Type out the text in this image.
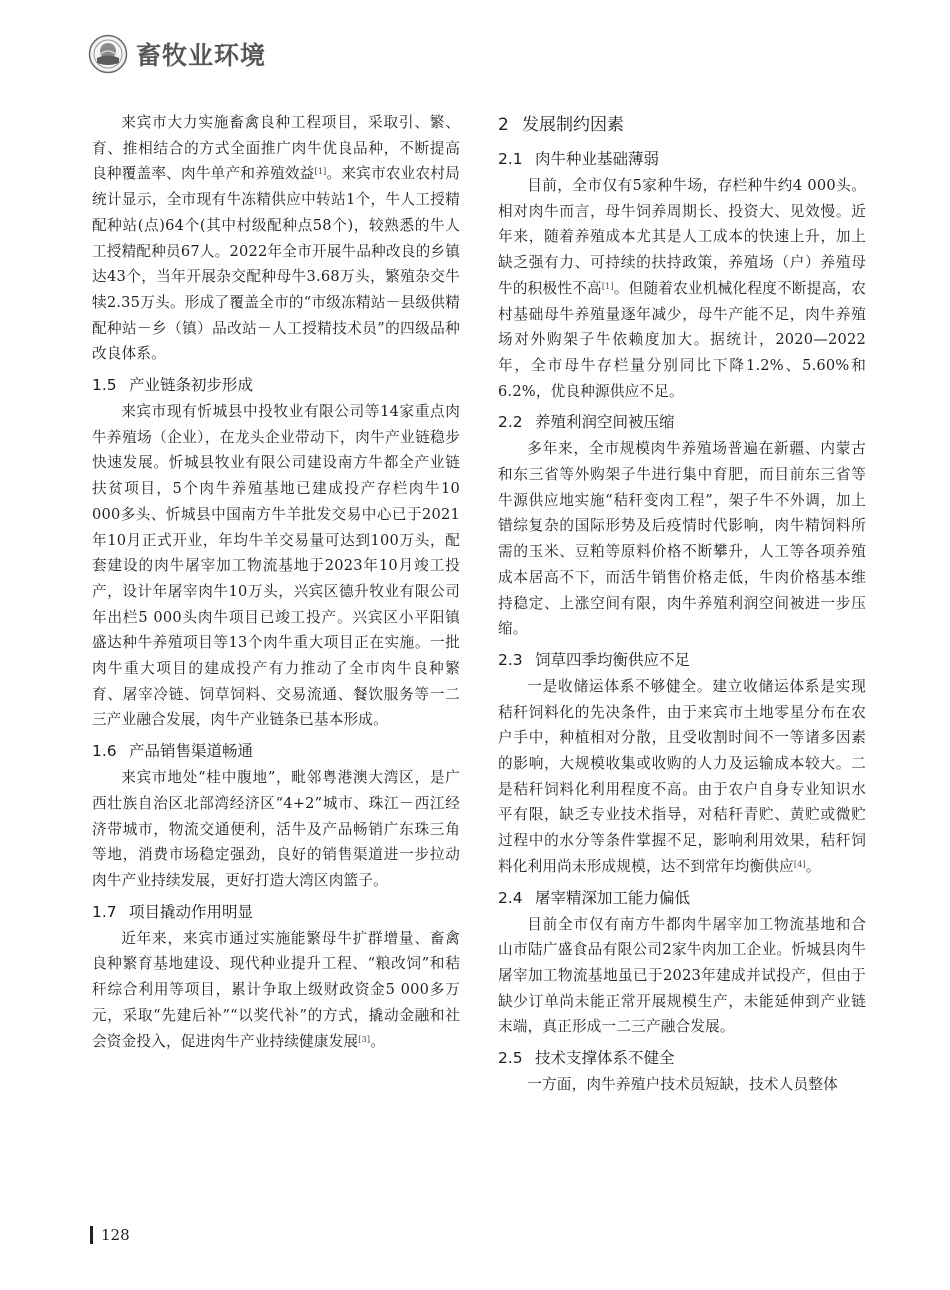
畜牧业环境

来宾市大力实施畜禽良种工程项目，采取引、繁、育、推相结合的方式全面推广肉牛优良品种，不断提高良种覆盖率、肉牛单产和养殖效益[1]。来宾市农业农村局统计显示，全市现有牛冻精供应中转站1个，牛人工授精配种站(点)64个(其中村级配种点58个)，较熟悉的牛人工授精配种员67人。2022年全市开展牛品种改良的乡镇达43个，当年开展杂交配种母牛3.68万头，繁殖杂交牛犊2.35万头。形成了覆盖全市的“市级冻精站－县级供精配种站－乡（镇）品改站－人工授精技术员”的四级品种改良体系。

1.5 产业链条初步形成

来宾市现有忻城县中投牧业有限公司等14家重点肉牛养殖场（企业），在龙头企业带动下，肉牛产业链稳步快速发展。忻城县牧业有限公司建设南方牛都全产业链扶贫项目，5个肉牛养殖基地已建成投产存栏肉牛10 000多头、忻城县中国南方牛羊批发交易中心已于2021年10月正式开业，年均牛羊交易量可达到100万头，配套建设的肉牛屠宰加工物流基地于2023年10月竣工投产，设计年屠宰肉牛10万头，兴宾区德升牧业有限公司年出栏5 000头肉牛项目已竣工投产。兴宾区小平阳镇盛达种牛养殖项目等13个肉牛重大项目正在实施。一批肉牛重大项目的建成投产有力推动了全市肉牛良种繁育、屠宰冷链、饲草饲料、交易流通、餐饮服务等一二三产业融合发展，肉牛产业链条已基本形成。

1.6 产品销售渠道畅通

来宾市地处“桂中腹地”，毗邻粤港澳大湾区，是广西壮族自治区北部湾经济区“4+2”城市、珠江－西江经济带城市，物流交通便利，活牛及产品畅销广东珠三角等地，消费市场稳定强劲，良好的销售渠道进一步拉动肉牛产业持续发展，更好打造大湾区肉篮子。

1.7 项目撬动作用明显

近年来，来宾市通过实施能繁母牛扩群增量、畜禽良种繁育基地建设、现代种业提升工程、“粮改饲”和秸秆综合利用等项目，累计争取上级财政资金5 000多万元，采取“先建后补”“以奖代补”的方式，撬动金融和社会资金投入，促进肉牛产业持续健康发展[3]。

2 发展制约因素
2.1 肉牛种业基础薄弱

目前，全市仅有5家种牛场，存栏种牛约4 000头。相对肉牛而言，母牛饲养周期长、投资大、见效慢。近年来，随着养殖成本尤其是人工成本的快速上升，加上缺乏强有力、可持续的扶持政策，养殖场（户）养殖母牛的积极性不高[1]。但随着农业机械化程度不断提高，农村基础母牛养殖量逐年减少，母牛产能不足，肉牛养殖场对外购架子牛依赖度加大。据统计，2020—2022年，全市母牛存栏量分别同比下降1.2%、5.60%和6.2%，优良种源供应不足。

2.2 养殖利润空间被压缩

多年来，全市规模肉牛养殖场普遍在新疆、内蒙古和东三省等外购架子牛进行集中育肥，而目前东三省等牛源供应地实施“秸秆变肉工程”，架子牛不外调，加上错综复杂的国际形势及后疫情时代影响，肉牛精饲料所需的玉米、豆粕等原料价格不断攀升，人工等各项养殖成本居高不下，而活牛销售价格走低，牛肉价格基本维持稳定、上涨空间有限，肉牛养殖利润空间被进一步压缩。

2.3 饲草四季均衡供应不足

一是收储运体系不够健全。建立收储运体系是实现秸秆饲料化的先决条件，由于来宾市土地零星分布在农户手中，种植相对分散，且受收割时间不一等诸多因素的影响，大规模收集或收购的人力及运输成本较大。二是秸秆饲料化利用程度不高。由于农户自身专业知识水平有限，缺乏专业技术指导，对秸秆青贮、黄贮或微贮过程中的水分等条件掌握不足，影响利用效果，秸秆饲料化利用尚未形成规模，达不到常年均衡供应[4]。

2.4 屠宰精深加工能力偏低

目前全市仅有南方牛都肉牛屠宰加工物流基地和合山市陆广盛食品有限公司2家牛肉加工企业。忻城县肉牛屠宰加工物流基地虽已于2023年建成并试投产，但由于缺少订单尚未能正常开展规模生产，未能延伸到产业链末端，真正形成一二三产融合发展。

2.5 技术支撑体系不健全

一方面，肉牛养殖户技术员短缺，技术人员整体

128
